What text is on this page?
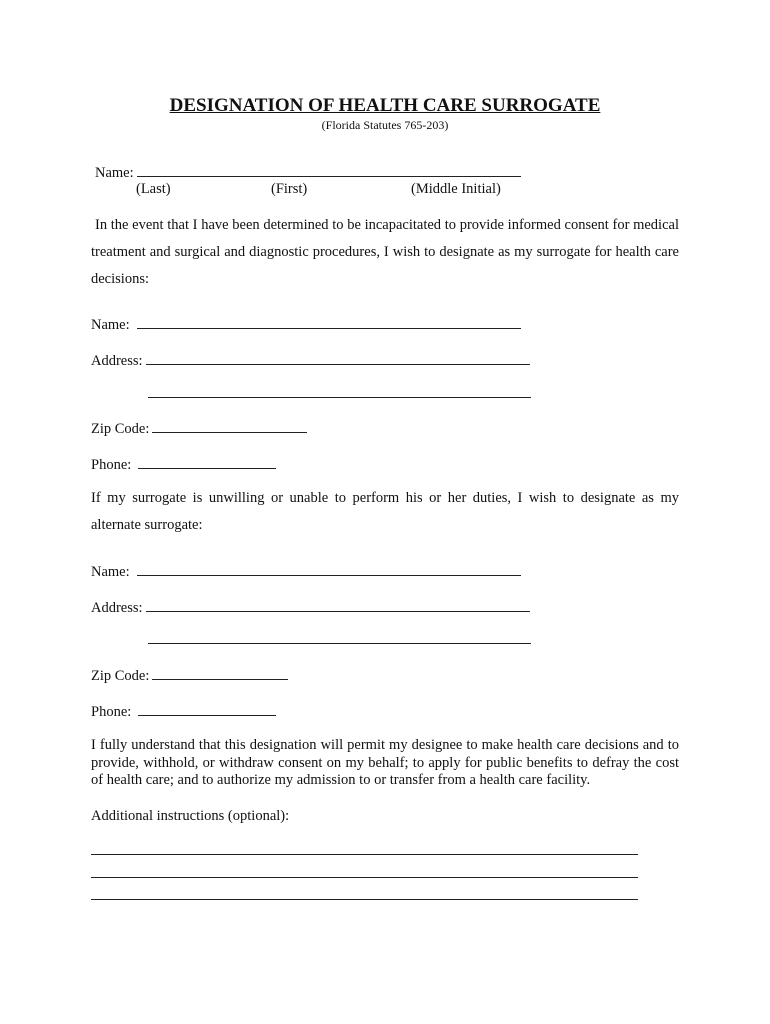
DESIGNATION OF HEALTH CARE SURROGATE
(Florida Statutes 765-203)
Name:
(Last)	(First)	(Middle Initial)
In the event that I have been determined to be incapacitated to provide informed consent for medical treatment and surgical and diagnostic procedures, I wish to designate as my surrogate for health care decisions:
Name:
Address:
Zip Code:
Phone:
If my surrogate is unwilling or unable to perform his or her duties, I wish to designate as my alternate surrogate:
Name:
Address:
Zip Code:
Phone:
I fully understand that this designation will permit my designee to make health care decisions and to provide, withhold, or withdraw consent on my behalf; to apply for public benefits to defray the cost of health care; and to authorize my admission to or transfer from a health care facility.
Additional instructions (optional):
